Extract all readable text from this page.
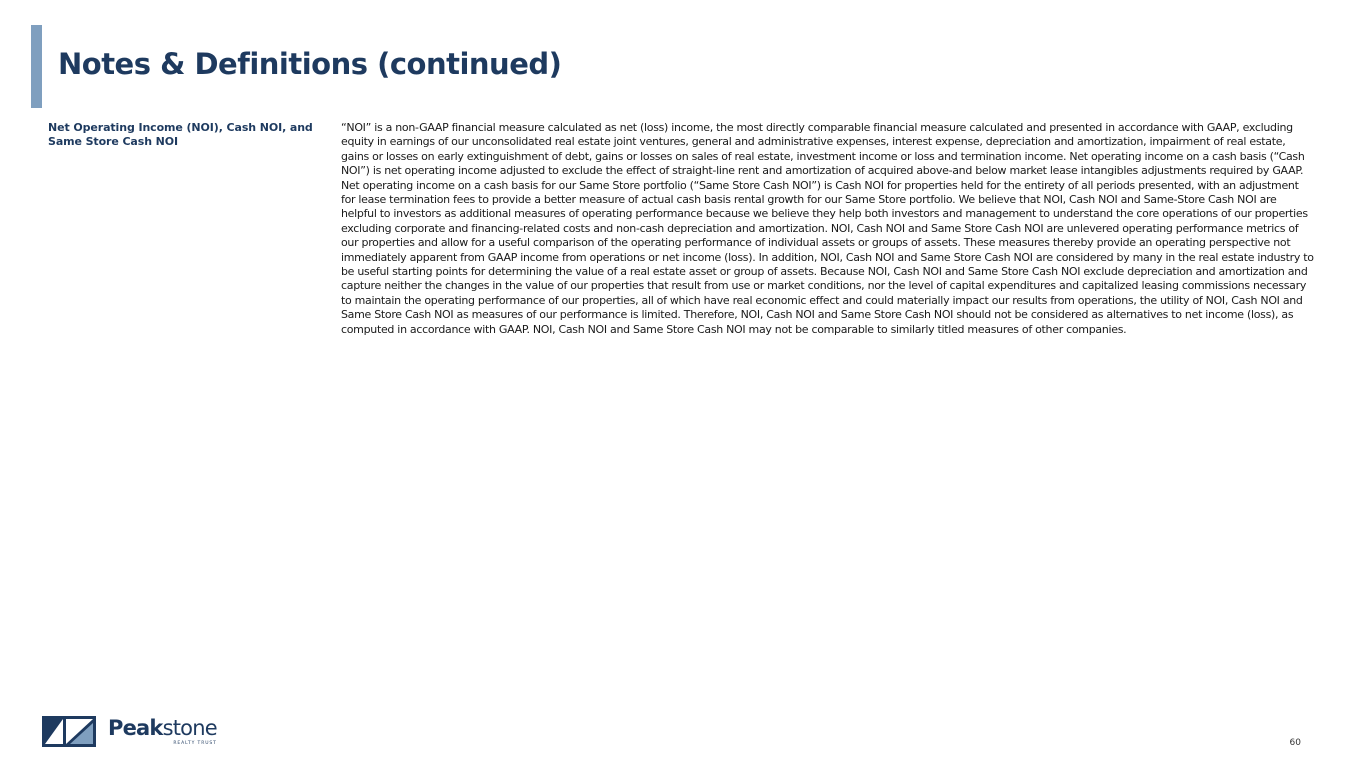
Notes & Definitions (continued)
Net Operating Income (NOI), Cash NOI, and Same Store Cash NOI
“NOI” is a non-GAAP financial measure calculated as net (loss) income, the most directly comparable financial measure calculated and presented in accordance with GAAP, excluding equity in earnings of our unconsolidated real estate joint ventures, general and administrative expenses, interest expense, depreciation and amortization, impairment of real estate, gains or losses on early extinguishment of debt, gains or losses on sales of real estate, investment income or loss and termination income. Net operating income on a cash basis (“Cash NOI”) is net operating income adjusted to exclude the effect of straight-line rent and amortization of acquired above-and below market lease intangibles adjustments required by GAAP. Net operating income on a cash basis for our Same Store portfolio (“Same Store Cash NOI”) is Cash NOI for properties held for the entirety of all periods presented, with an adjustment for lease termination fees to provide a better measure of actual cash basis rental growth for our Same Store portfolio. We believe that NOI, Cash NOI and Same-Store Cash NOI are helpful to investors as additional measures of operating performance because we believe they help both investors and management to understand the core operations of our properties excluding corporate and financing-related costs and non-cash depreciation and amortization. NOI, Cash NOI and Same Store Cash NOI are unlevered operating performance metrics of our properties and allow for a useful comparison of the operating performance of individual assets or groups of assets. These measures thereby provide an operating perspective not immediately apparent from GAAP income from operations or net income (loss). In addition, NOI, Cash NOI and Same Store Cash NOI are considered by many in the real estate industry to be useful starting points for determining the value of a real estate asset or group of assets. Because NOI, Cash NOI and Same Store Cash NOI exclude depreciation and amortization and capture neither the changes in the value of our properties that result from use or market conditions, nor the level of capital expenditures and capitalized leasing commissions necessary to maintain the operating performance of our properties, all of which have real economic effect and could materially impact our results from operations, the utility of NOI, Cash NOI and Same Store Cash NOI as measures of our performance is limited. Therefore, NOI, Cash NOI and Same Store Cash NOI should not be considered as alternatives to net income (loss), as computed in accordance with GAAP. NOI, Cash NOI and Same Store Cash NOI may not be comparable to similarly titled measures of other companies.
Peakstone
REALTY TRUST	60
